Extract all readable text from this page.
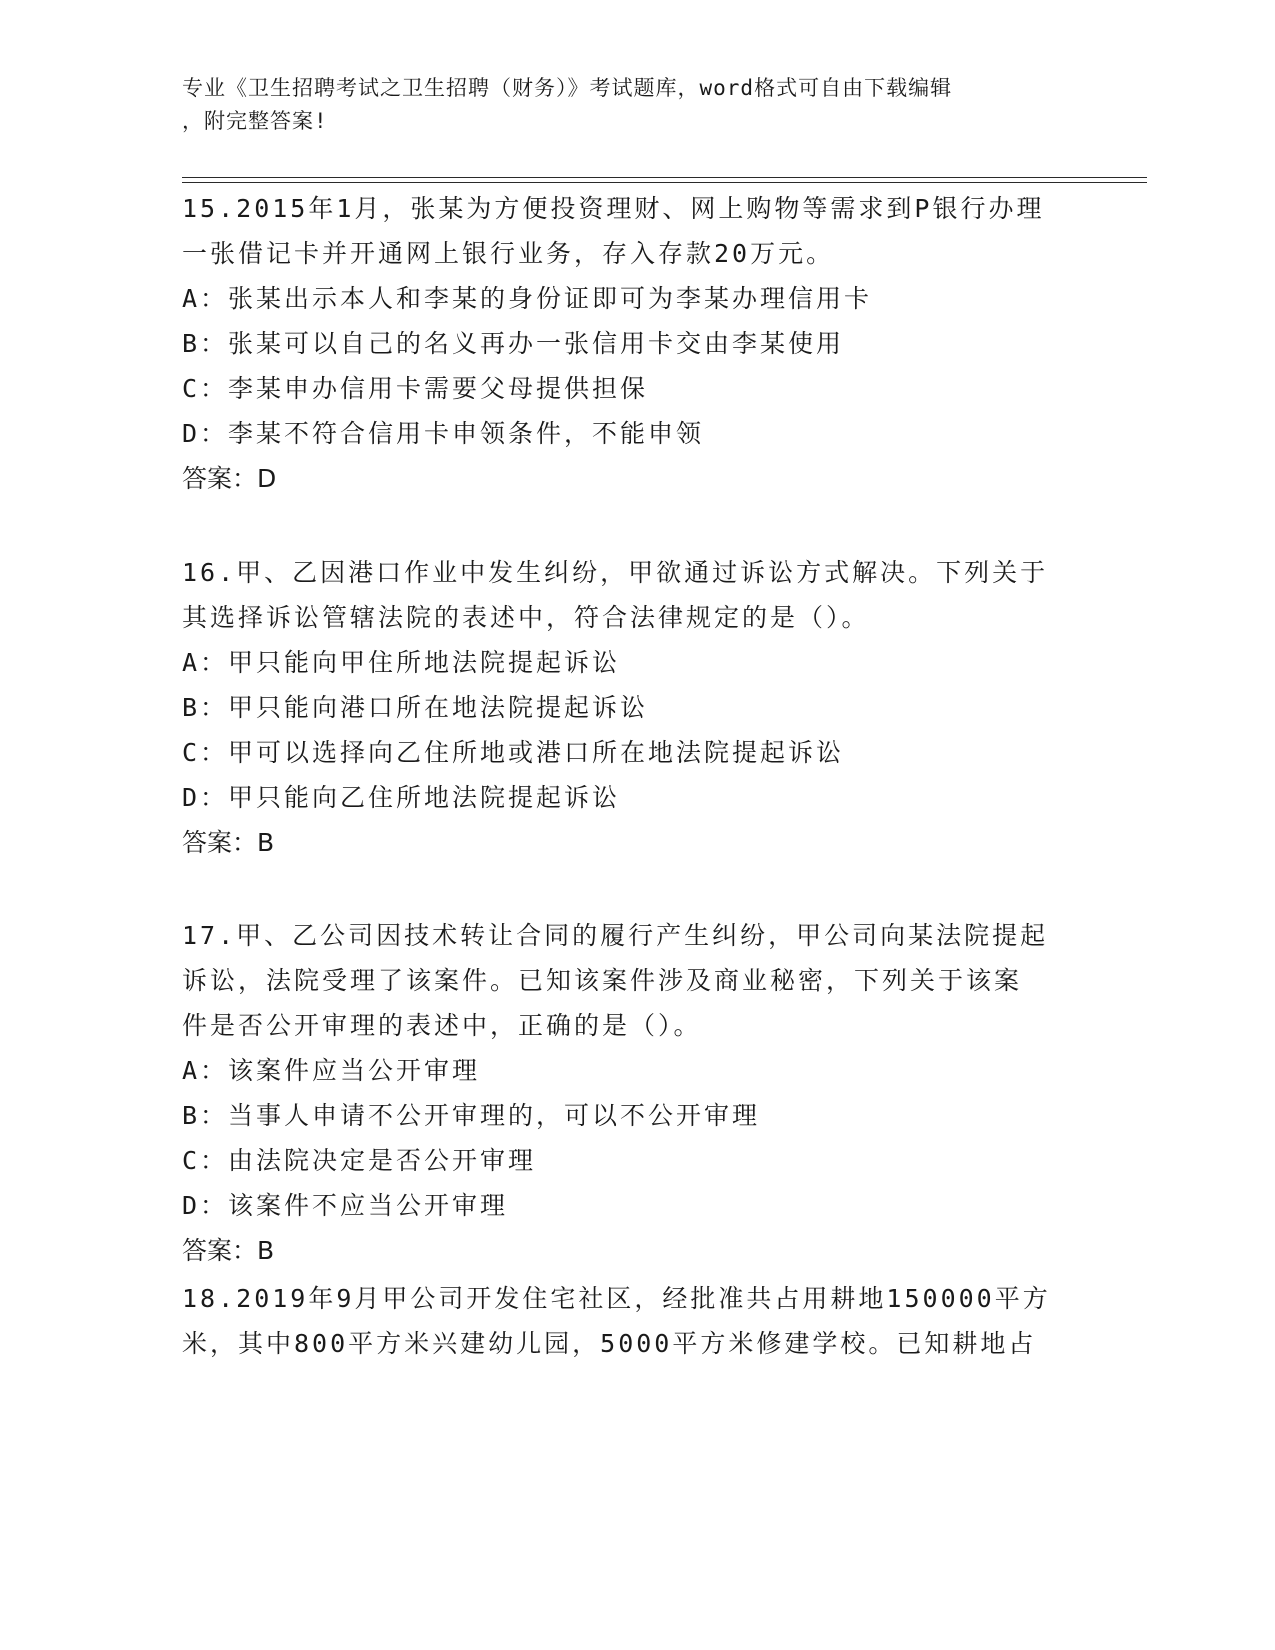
专业《卫生招聘考试之卫生招聘（财务）》考试题库，word格式可自由下载编辑
，附完整答案!
15.2015年1月，张某为方便投资理财、网上购物等需求到P银行办理
一张借记卡并开通网上银行业务，存入存款20万元。
A：张某出示本人和李某的身份证即可为李某办理信用卡
B：张某可以自己的名义再办一张信用卡交由李某使用
C：李某申办信用卡需要父母提供担保
D：李某不符合信用卡申领条件，不能申领
答案：D
16.甲、乙因港口作业中发生纠纷，甲欲通过诉讼方式解决。下列关于
其选择诉讼管辖法院的表述中，符合法律规定的是（）。
A：甲只能向甲住所地法院提起诉讼
B：甲只能向港口所在地法院提起诉讼
C：甲可以选择向乙住所地或港口所在地法院提起诉讼
D：甲只能向乙住所地法院提起诉讼
答案：B
17.甲、乙公司因技术转让合同的履行产生纠纷，甲公司向某法院提起
诉讼，法院受理了该案件。已知该案件涉及商业秘密，下列关于该案
件是否公开审理的表述中，正确的是（）。
A：该案件应当公开审理
B：当事人申请不公开审理的，可以不公开审理
C：由法院决定是否公开审理
D：该案件不应当公开审理
答案：B
18.2019年9月甲公司开发住宅社区，经批准共占用耕地150000平方
米，其中800平方米兴建幼儿园，5000平方米修建学校。已知耕地占
